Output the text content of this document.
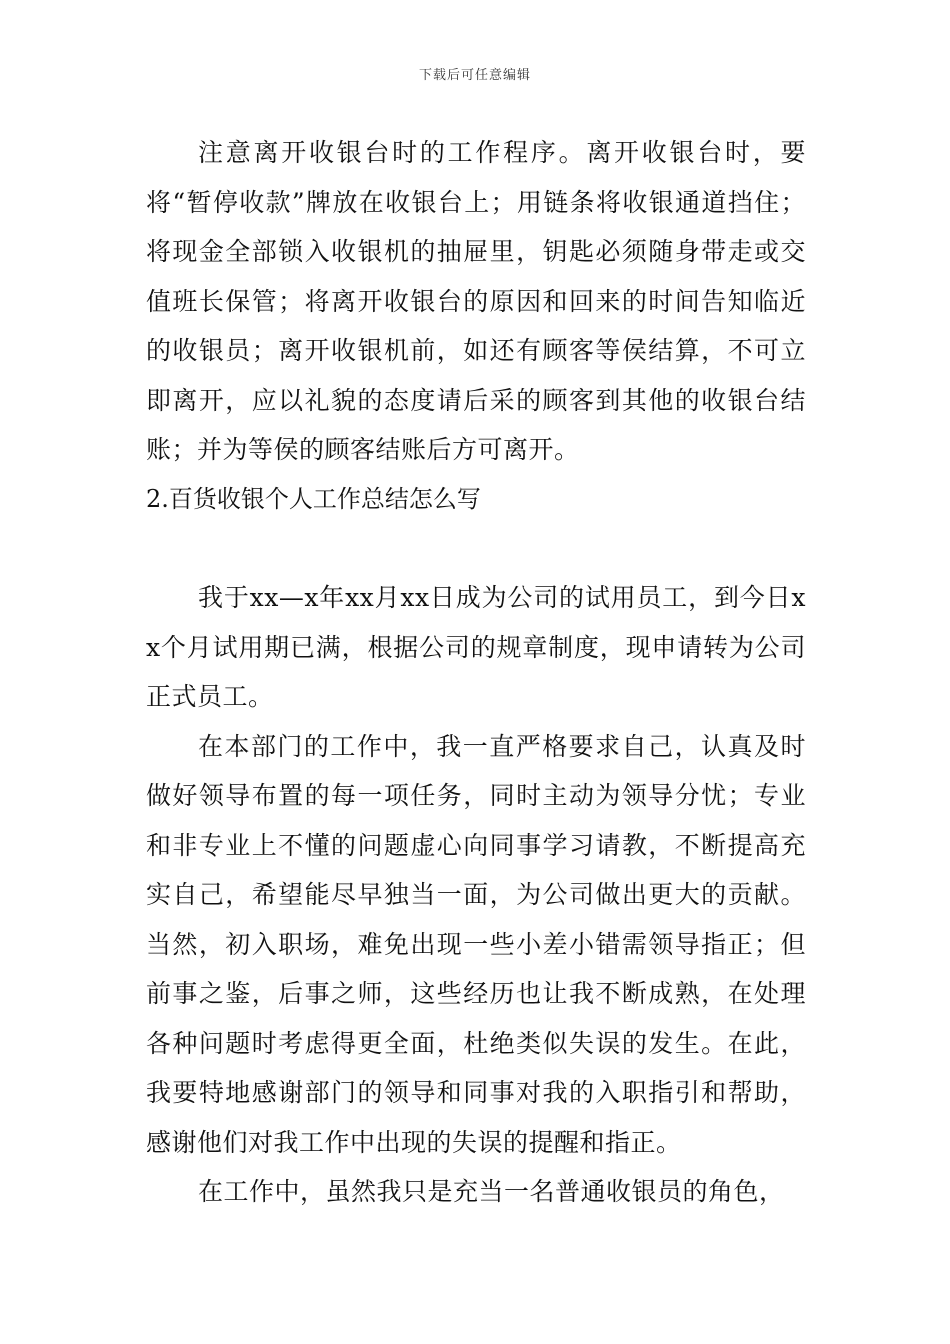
下载后可任意编辑

注意离开收银台时的工作程序。离开收银台时，要将“暂停收款”牌放在收银台上；用链条将收银通道挡住；将现金全部锁入收银机的抽屉里，钥匙必须随身带走或交值班长保管；将离开收银台的原因和回来的时间告知临近的收银员；离开收银机前，如还有顾客等侯结算，不可立即离开，应以礼貌的态度请后采的顾客到其他的收银台结账；并为等侯的顾客结账后方可离开。

2.百货收银个人工作总结怎么写

我于xx—x年xx月xx日成为公司的试用员工，到今日xx个月试用期已满，根据公司的规章制度，现申请转为公司正式员工。

在本部门的工作中，我一直严格要求自己，认真及时做好领导布置的每一项任务，同时主动为领导分忧；专业和非专业上不懂的问题虚心向同事学习请教，不断提高充实自己，希望能尽早独当一面，为公司做出更大的贡献。当然，初入职场，难免出现一些小差小错需领导指正；但前事之鉴，后事之师，这些经历也让我不断成熟，在处理各种问题时考虑得更全面，杜绝类似失误的发生。在此，我要特地感谢部门的领导和同事对我的入职指引和帮助，感谢他们对我工作中出现的失误的提醒和指正。

在工作中，虽然我只是充当一名普通收银员的角色，
